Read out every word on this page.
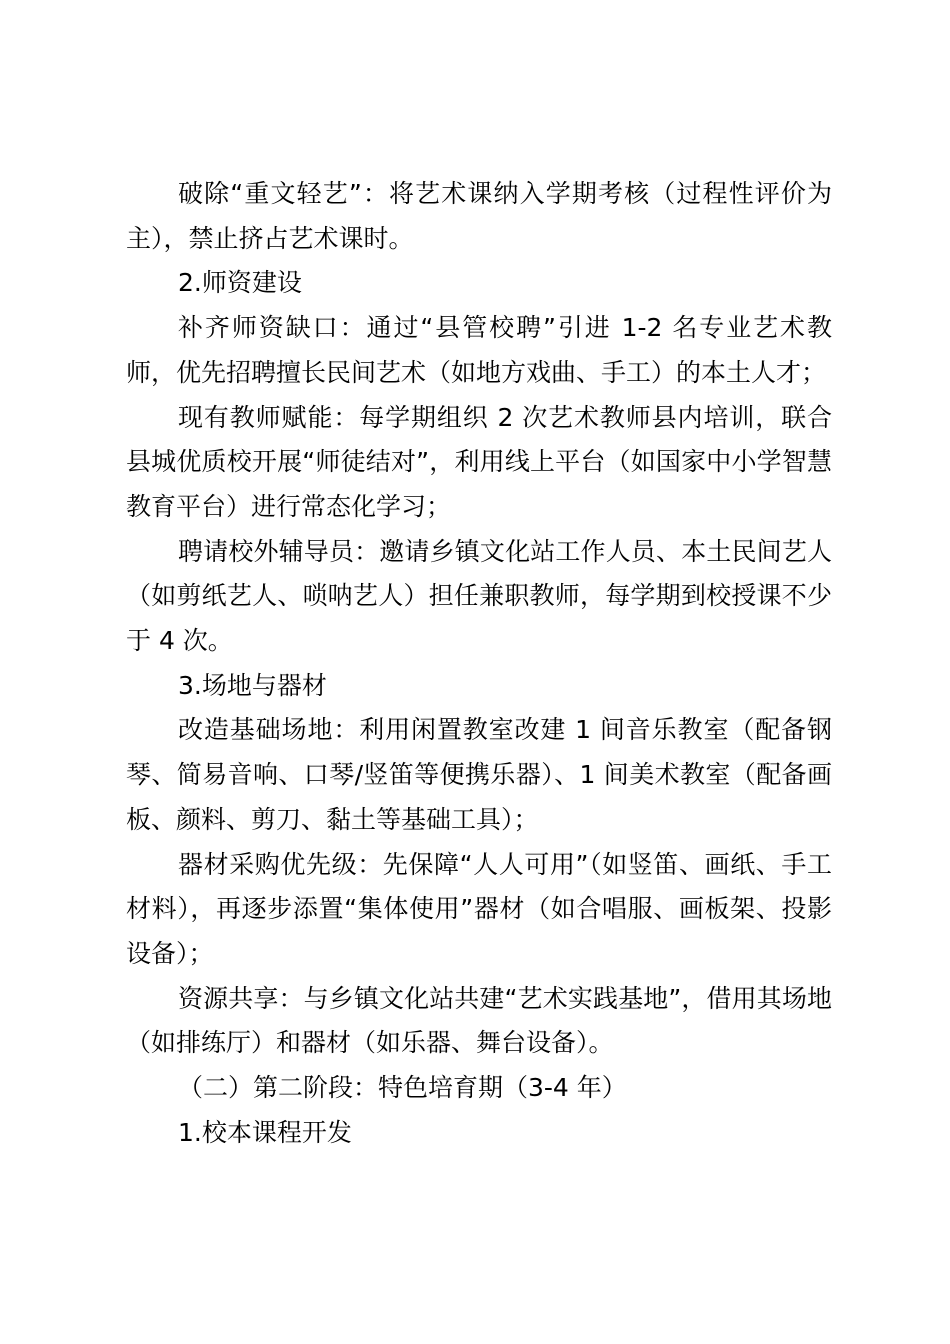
破除“重文轻艺”：将艺术课纳入学期考核（过程性评价为主），禁止挤占艺术课时。

2.师资建设

补齐师资缺口：通过“县管校聘”引进 1-2 名专业艺术教师，优先招聘擅长民间艺术（如地方戏曲、手工）的本土人才；

现有教师赋能：每学期组织 2 次艺术教师县内培训，联合县城优质校开展“师徒结对”，利用线上平台（如国家中小学智慧教育平台）进行常态化学习；

聘请校外辅导员：邀请乡镇文化站工作人员、本土民间艺人（如剪纸艺人、唢呐艺人）担任兼职教师，每学期到校授课不少于 4 次。

3.场地与器材

改造基础场地：利用闲置教室改建 1 间音乐教室（配备钢琴、简易音响、口琴/竖笛等便携乐器）、1 间美术教室（配备画板、颜料、剪刀、黏土等基础工具）；

器材采购优先级：先保障“人人可用”（如竖笛、画纸、手工材料），再逐步添置“集体使用”器材（如合唱服、画板架、投影设备）；

资源共享：与乡镇文化站共建“艺术实践基地”，借用其场地（如排练厅）和器材（如乐器、舞台设备）。

（二）第二阶段：特色培育期（3-4 年）

1.校本课程开发
